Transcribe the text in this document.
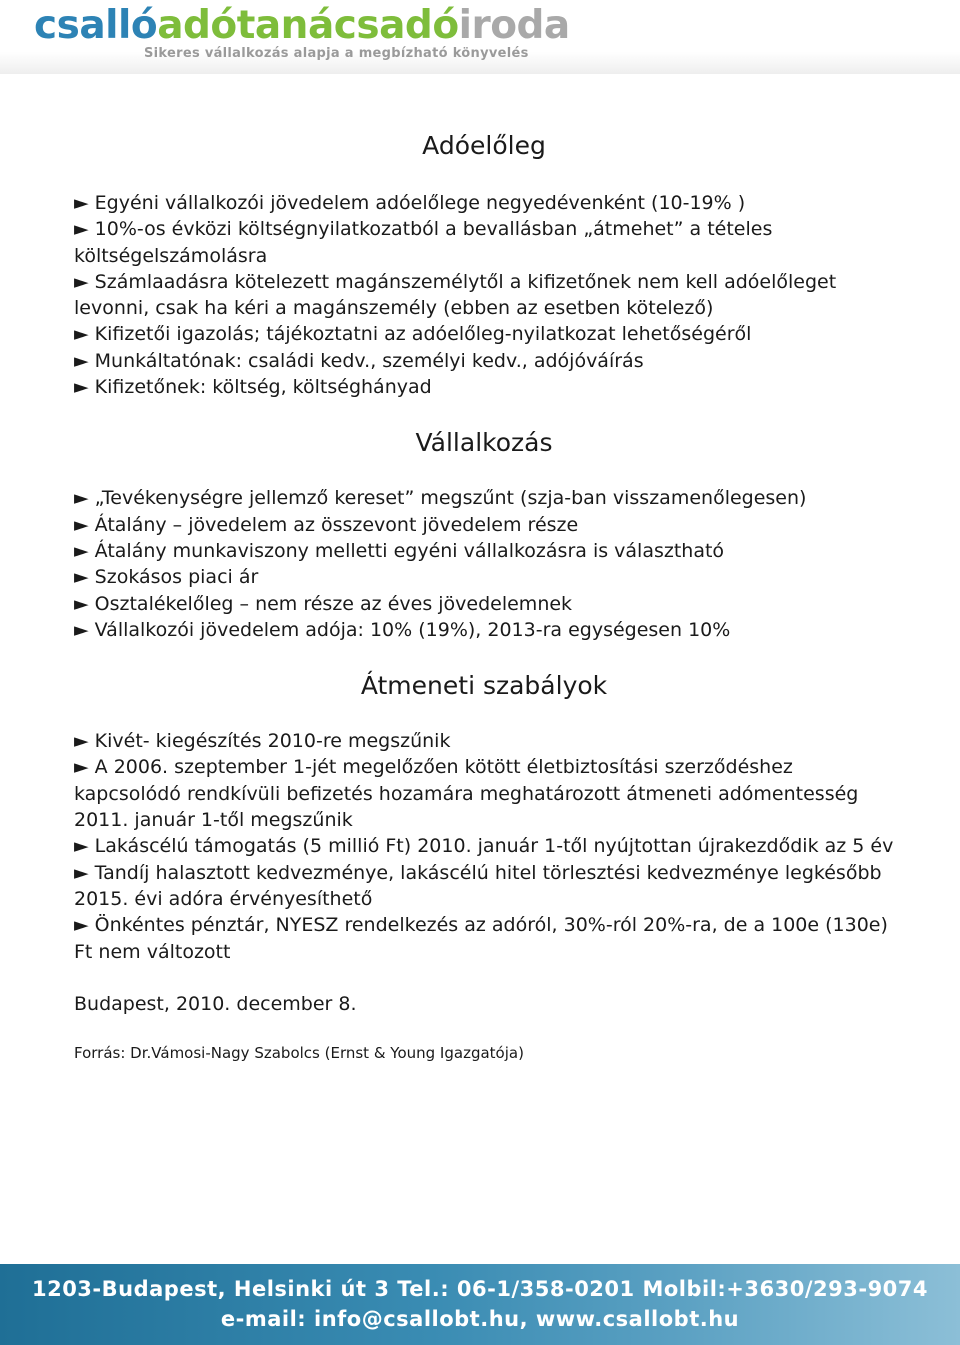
csallóadótanácsadóiroda
Sikeres vállalkozás alapja a megbízható könyvelés
Adóelőleg

► Egyéni vállalkozói jövedelem adóelőlege negyedévenként (10-19% )

► 10%-os évközi költségnyilatkozatból a bevallásban „átmehet” a tételes költségelszámolásra

► Számlaadásra kötelezett magánszemélytől a kifizetőnek nem kell adóelőleget levonni, csak ha kéri a magánszemély (ebben az esetben kötelező)

► Kifizetői igazolás; tájékoztatni az adóelőleg-nyilatkozat lehetőségéről

► Munkáltatónak: családi kedv., személyi kedv., adójóváírás

► Kifizetőnek: költség, költséghányad

Vállalkozás

► „Tevékenységre jellemző kereset” megszűnt (szja-ban visszamenőlegesen)

► Átalány – jövedelem az összevont jövedelem része

► Átalány munkaviszony melletti egyéni vállalkozásra is választható

► Szokásos piaci ár

► Osztalékelőleg – nem része az éves jövedelemnek

► Vállalkozói jövedelem adója: 10% (19%), 2013-ra egységesen 10%

Átmeneti szabályok

► Kivét- kiegészítés 2010-re megszűnik

► A 2006. szeptember 1-jét megelőzően kötött életbiztosítási szerződéshez kapcsolódó rendkívüli befizetés hozamára meghatározott átmeneti adómentesség 2011. január 1-től megszűnik

► Lakáscélú támogatás (5 millió Ft) 2010. január 1-től nyújtottan újrakezdődik az 5 év

► Tandíj halasztott kedvezménye, lakáscélú hitel törlesztési kedvezménye legkésőbb 2015. évi adóra érvényesíthető

► Önkéntes pénztár, NYESZ rendelkezés az adóról, 30%-ról 20%-ra, de a 100e (130e) Ft nem változott

Budapest, 2010. december 8.

Forrás: Dr.Vámosi-Nagy Szabolcs (Ernst & Young Igazgatója)

1203-Budapest, Helsinki út 3 Tel.: 06-1/358-0201 Molbil:+3630/293-9074
e-mail: info@csallobt.hu, www.csallobt.hu
